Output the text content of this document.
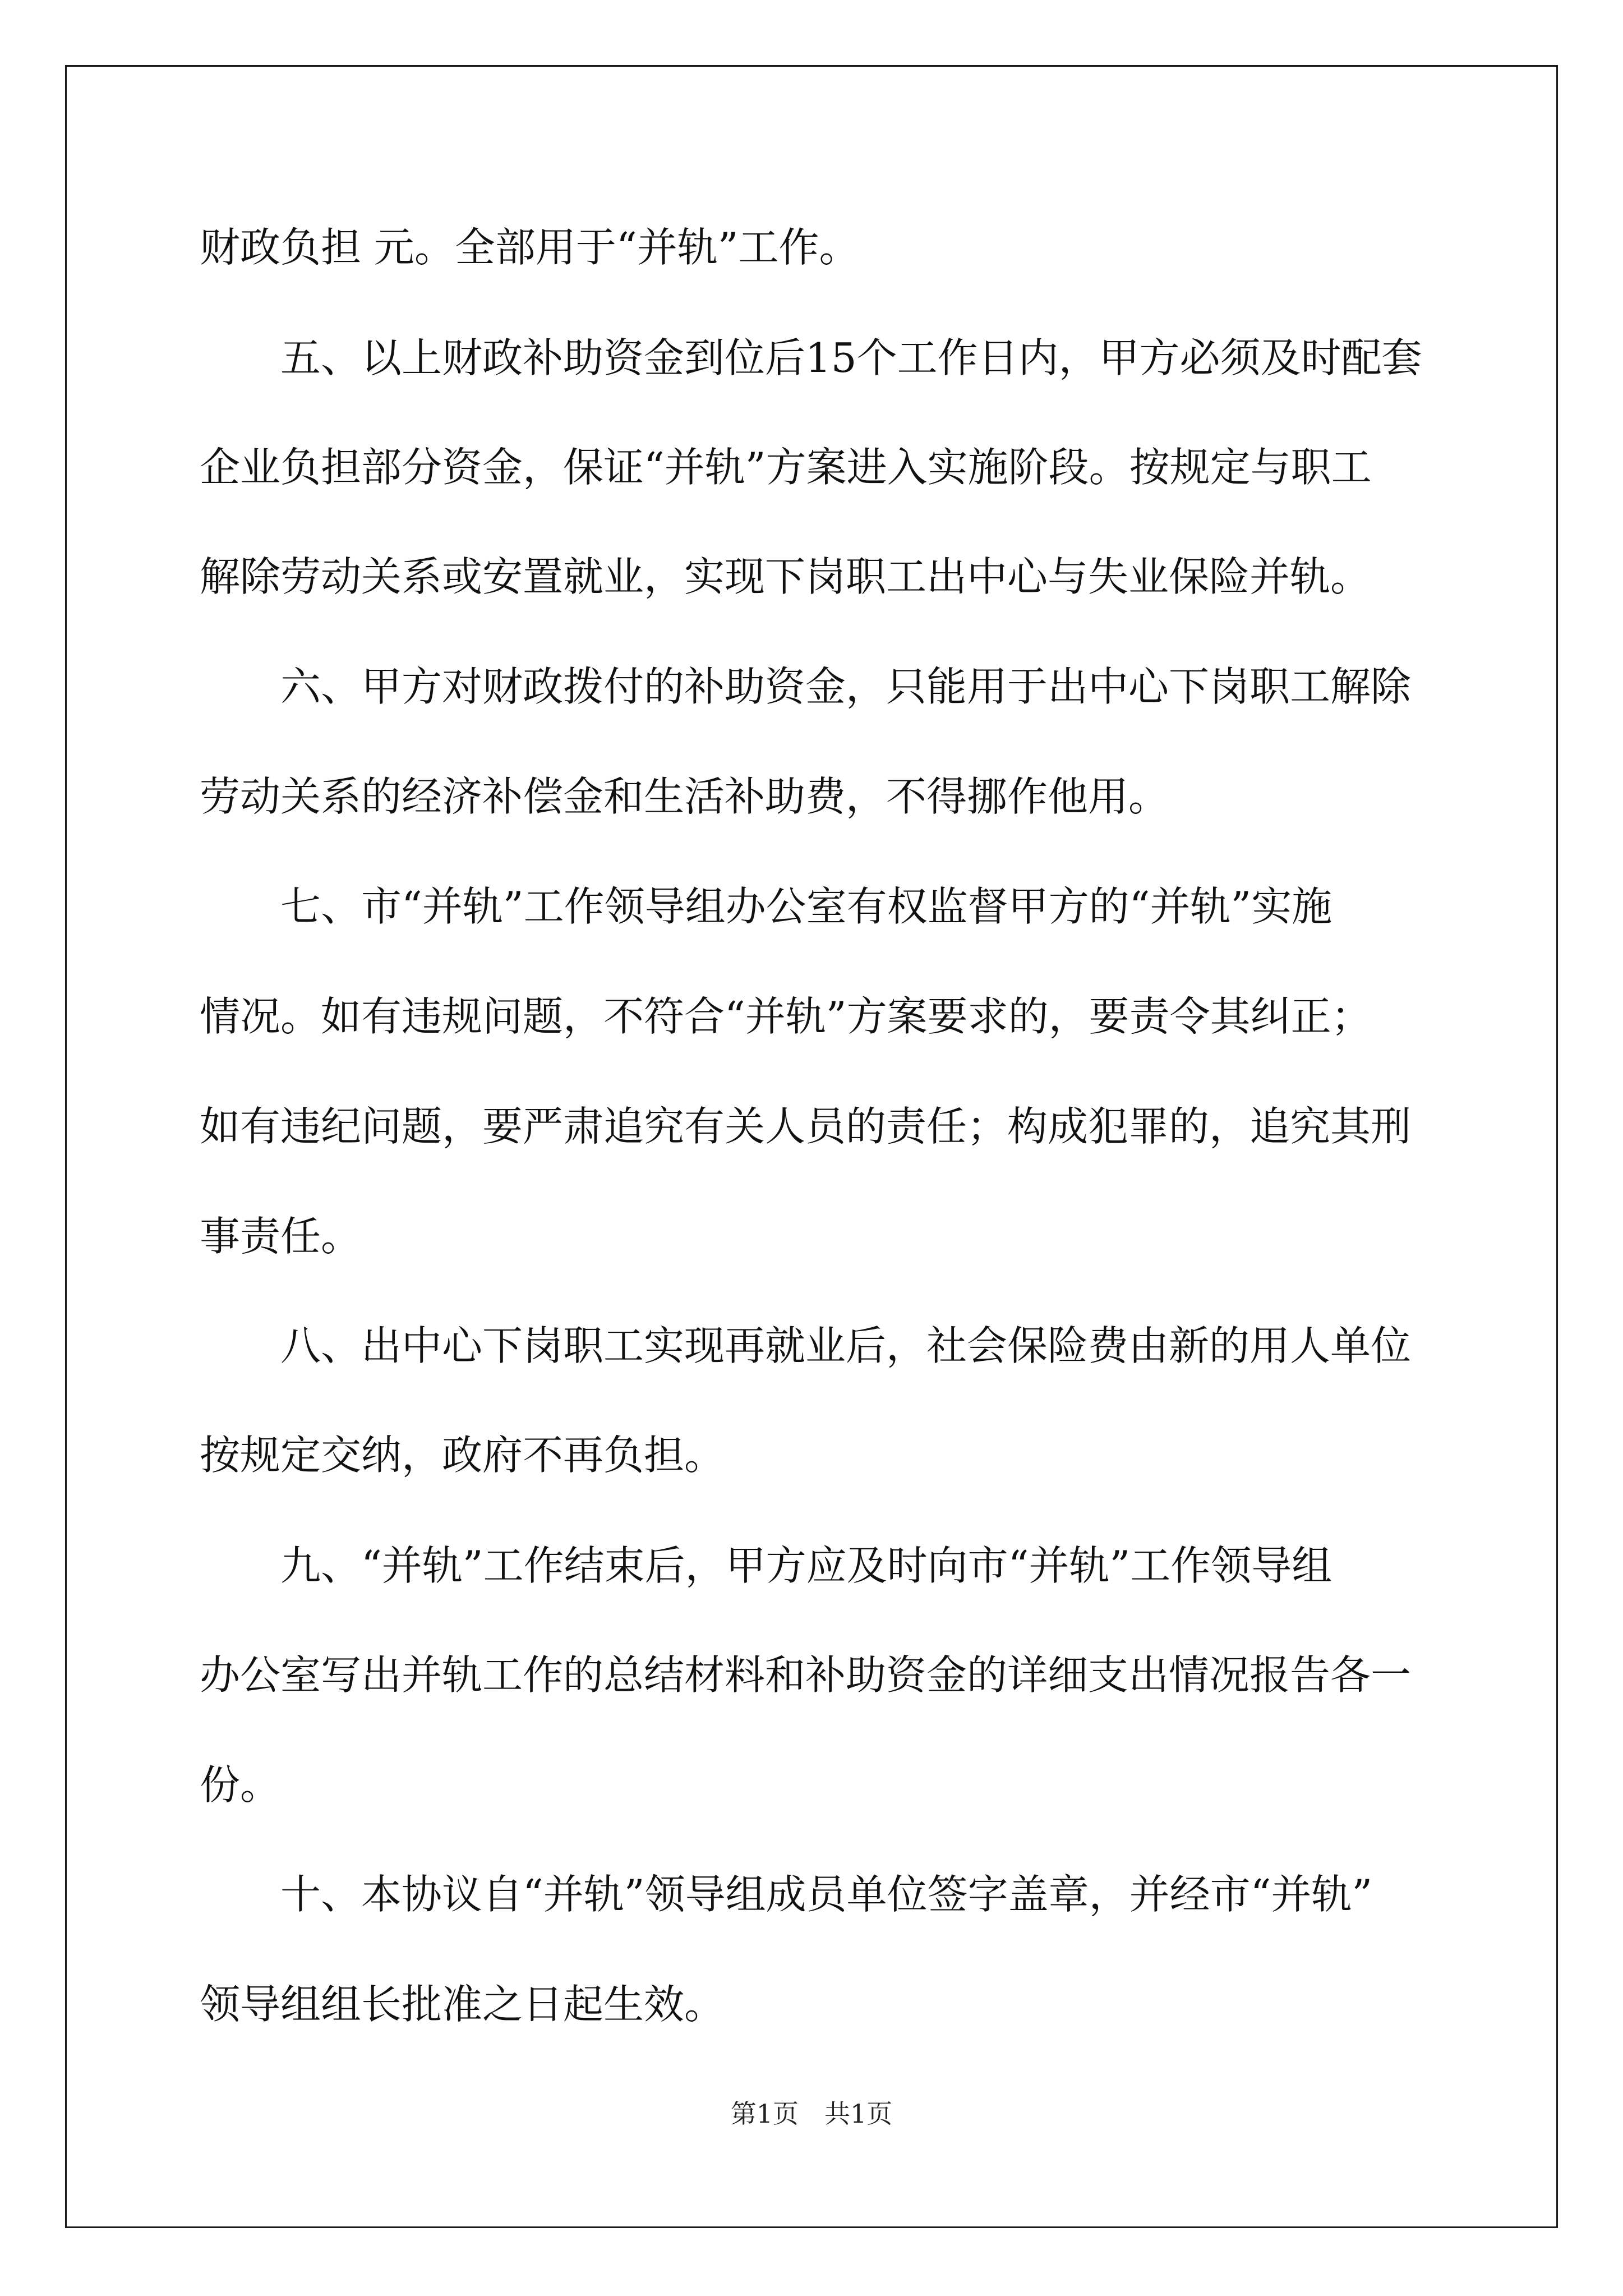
财政负担 元。全部用于“并轨”工作。
五、以上财政补助资金到位后15个工作日内，甲方必须及时配套
企业负担部分资金，保证“并轨”方案进入实施阶段。按规定与职工
解除劳动关系或安置就业，实现下岗职工出中心与失业保险并轨。
六、甲方对财政拨付的补助资金，只能用于出中心下岗职工解除
劳动关系的经济补偿金和生活补助费，不得挪作他用。
七、市“并轨”工作领导组办公室有权监督甲方的“并轨”实施
情况。如有违规问题，不符合“并轨”方案要求的，要责令其纠正；
如有违纪问题，要严肃追究有关人员的责任；构成犯罪的，追究其刑
事责任。
八、出中心下岗职工实现再就业后，社会保险费由新的用人单位
按规定交纳，政府不再负担。
九、“并轨”工作结束后，甲方应及时向市“并轨”工作领导组
办公室写出并轨工作的总结材料和补助资金的详细支出情况报告各一
份。
十、本协议自“并轨”领导组成员单位签字盖章，并经市“并轨”
领导组组长批准之日起生效。
第1页　共1页
